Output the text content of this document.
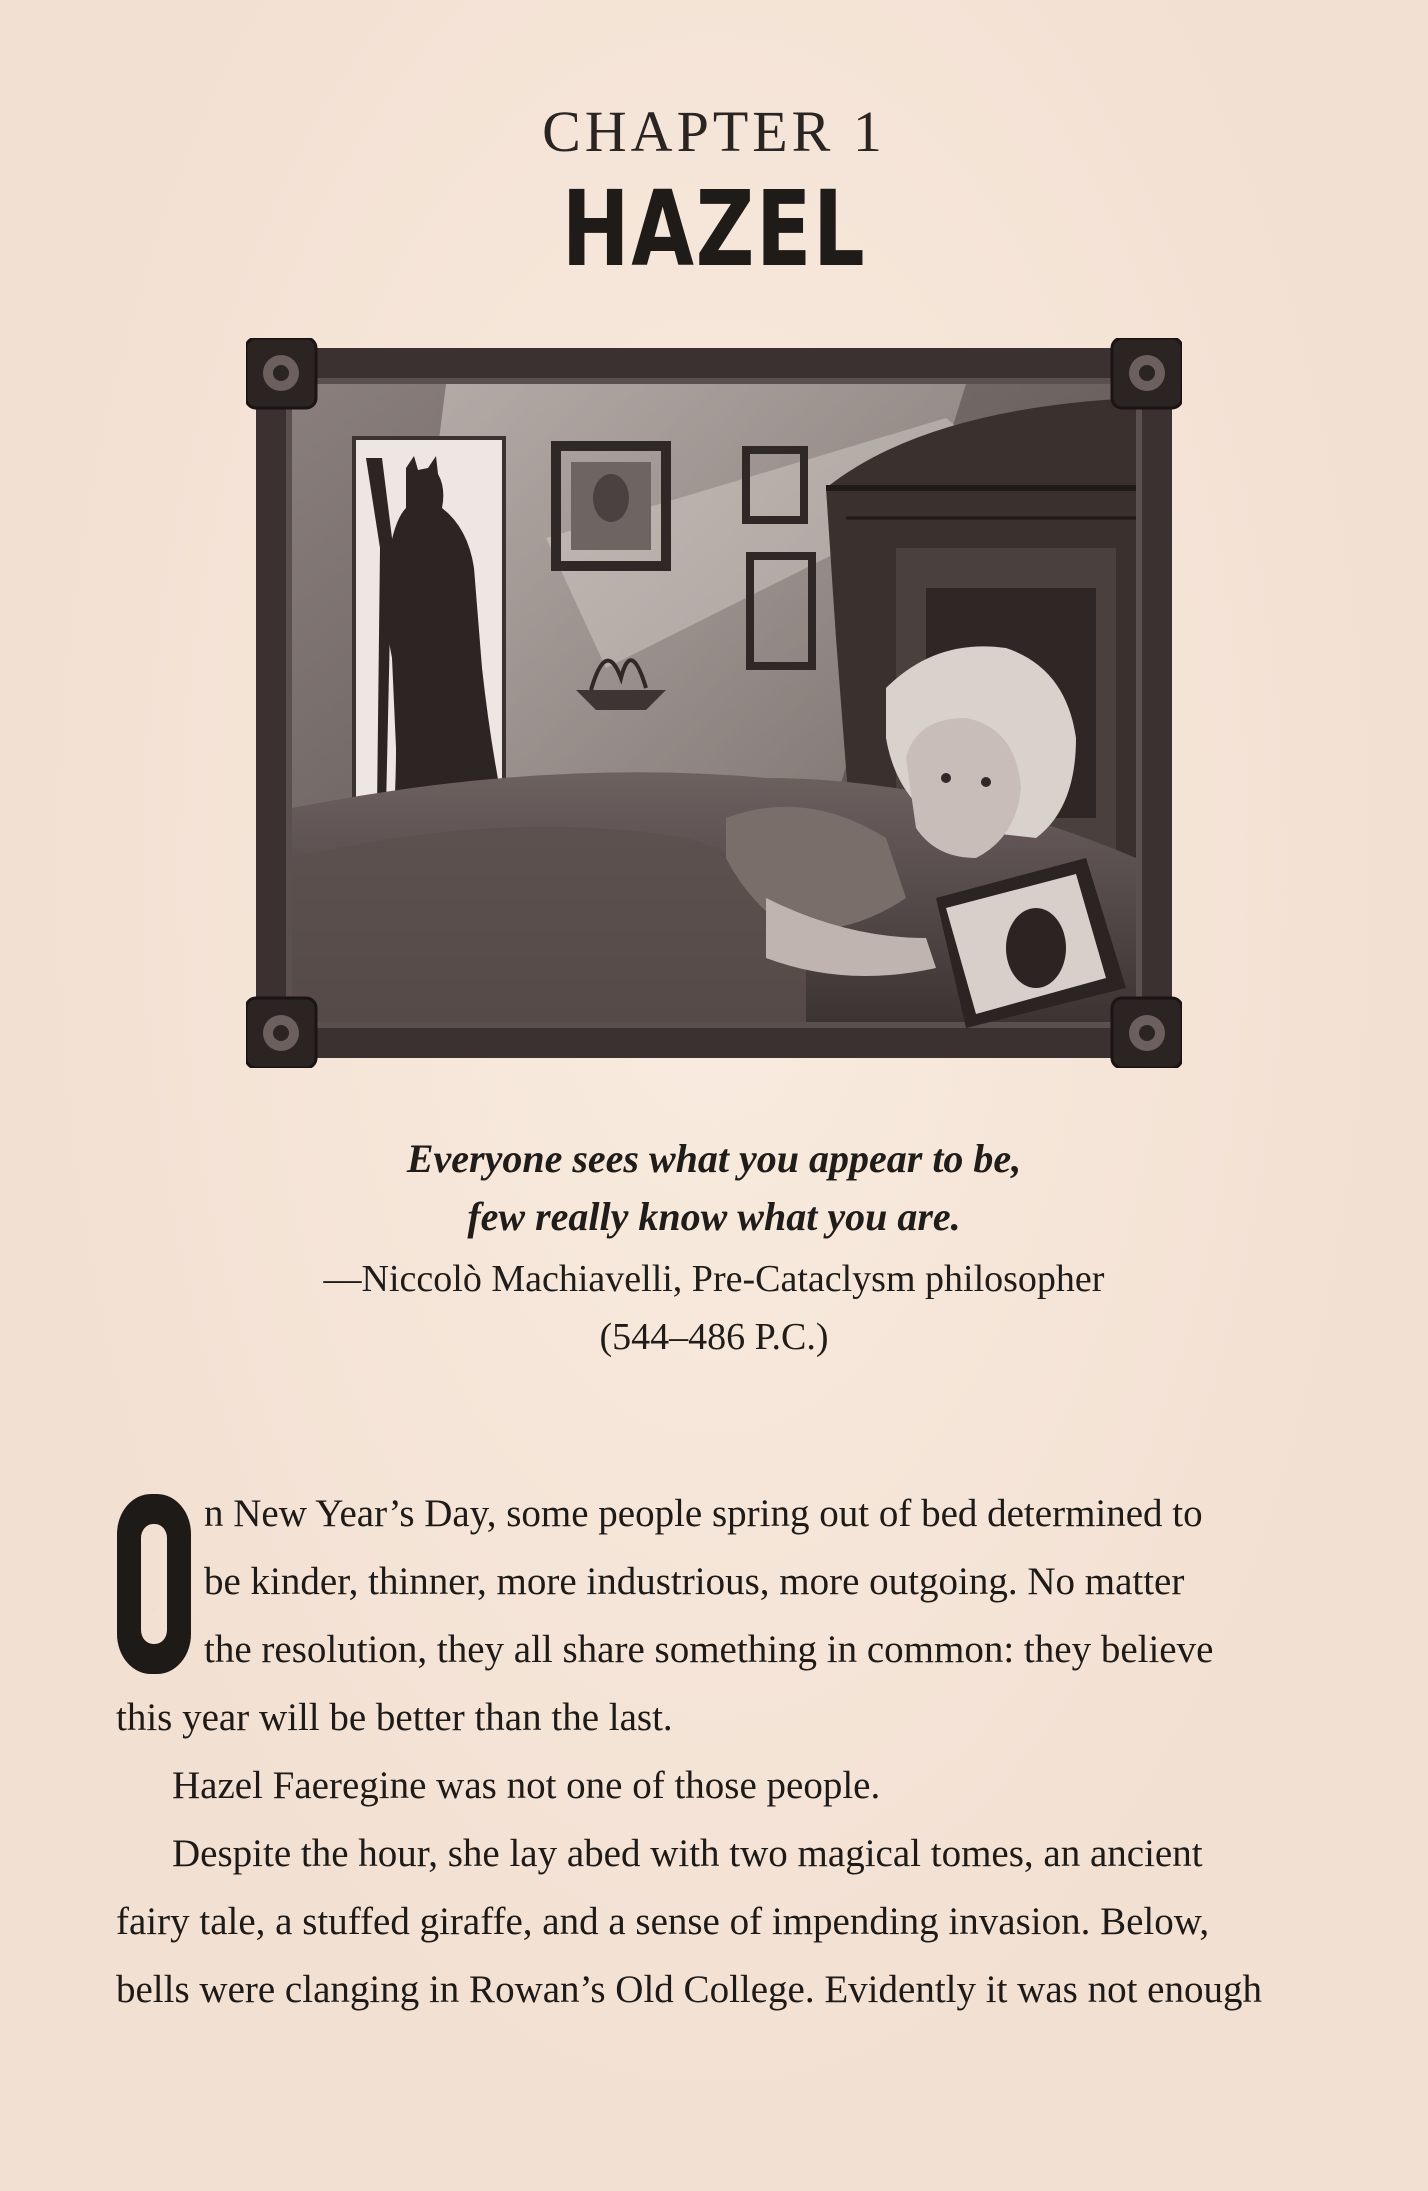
CHAPTER 1
HAZEL
Everyone sees what you appear to be,
few really know what you are.
—Niccolò Machiavelli, Pre-Cataclysm philosopher
(544–486 P.C.)
O

n New Year’s Day, some people spring out of bed determined to
be kinder, thinner, more industrious, more outgoing. No matter
the resolution, they all share something in common: they believe
this year will be better than the last.

Hazel Faeregine was not one of those people.

Despite the hour, she lay abed with two magical tomes, an ancient
fairy tale, a stuffed giraffe, and a sense of impending invasion. Below,
bells were clanging in Rowan’s Old College. Evidently it was not enough
